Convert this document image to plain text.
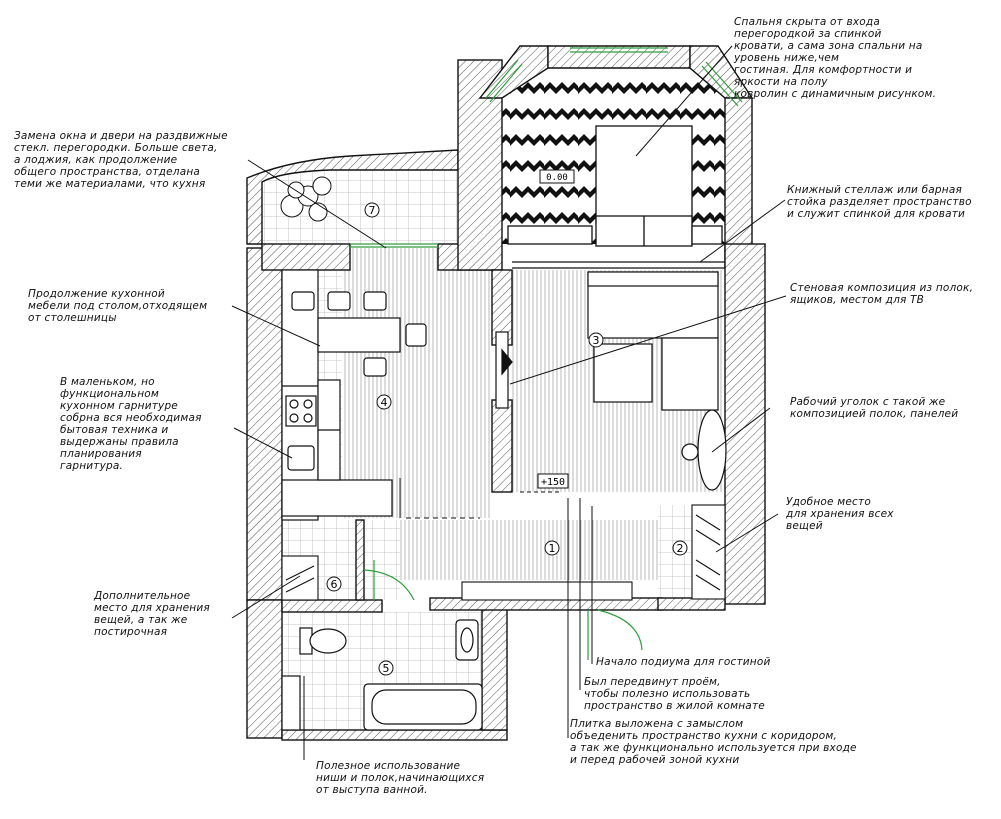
7
4
3
1	2
6
5
+150
0.00
Спальня скрыта от входа
перегородкой за спинкой
кровати, а сама зона спальни на
уровень ниже,чем
гостиная. Для комфортности и
яркости на полу
ковролин с динамичным рисунком.
Замена окна и двери на раздвижные
стекл. перегородки. Больше света,
а лоджия, как продолжение
общего пространства, отделана
теми же материалами, что кухня	Книжный стеллаж или барная
стойка разделяет пространство
и служит спинкой для кровати
Продолжение кухонной
мебели под столом,отходящем
от столешницы
Стеновая композиция из полок,
ящиков, местом для ТВ
В маленьком, но
функциональном
кухонном гарнитуре
собрна вся необходимая
бытовая техника и
выдержаны правила
планирования
гарнитура.
Рабочий уголок с такой же
композицией полок, панелей
Удобное место
для хранения всех
вещей
Дополнительное
место для хранения
вещей, а так же
постирочная
Начало подиума для гостиной
Был передвинут проём,
чтобы полезно использовать
пространство в жилой комнате
Плитка выложена с замыслом
объеденить пространство кухни с коридором,
а так же функционально используется при входе
и перед рабочей зоной кухни
Полезное использование
ниши и полок,начинающихся
от выступа ванной.
